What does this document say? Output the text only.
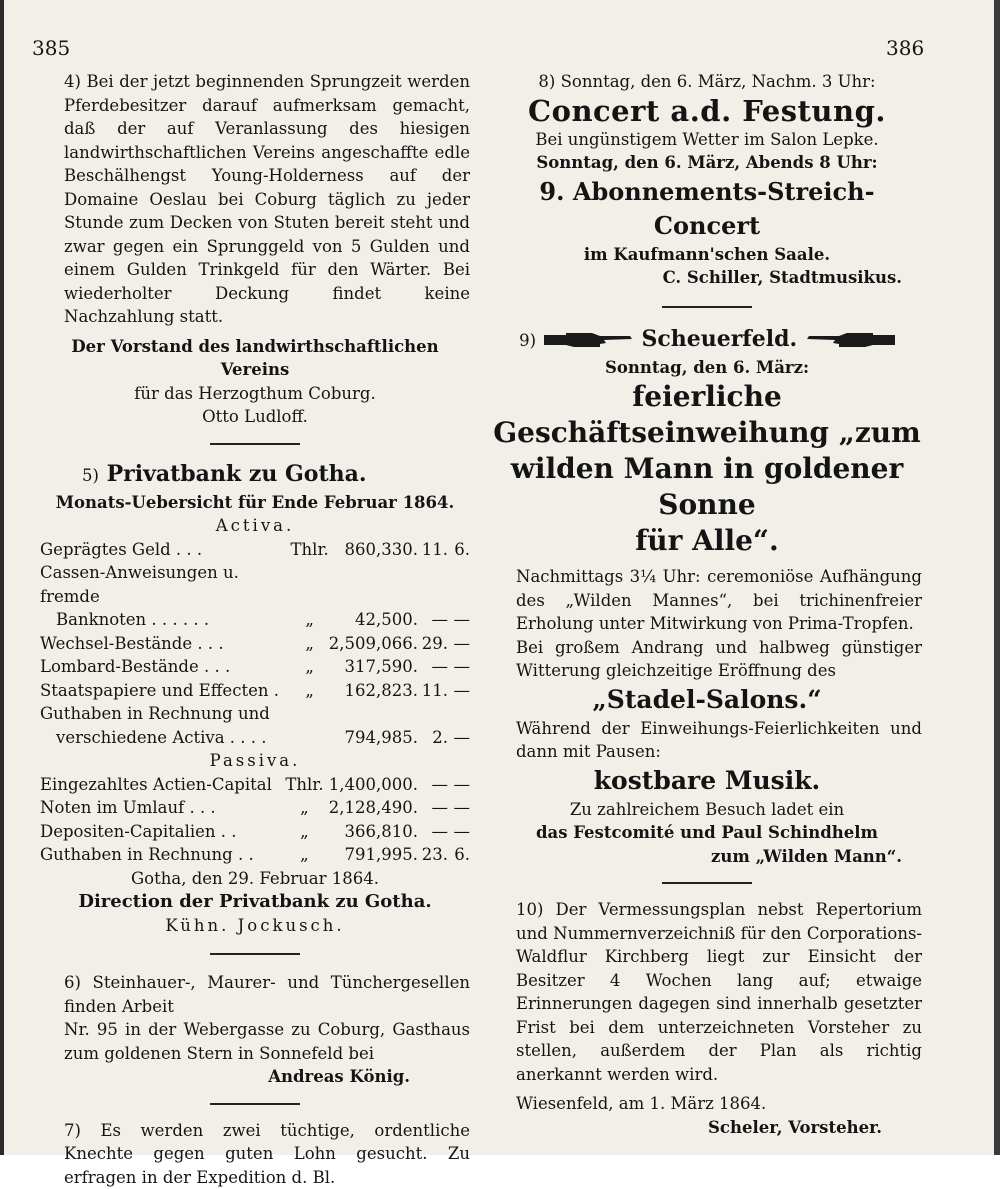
385	386

4) Bei der jetzt beginnenden Sprungzeit werden Pferdebesitzer darauf aufmerksam gemacht, daß der auf Veranlassung des hiesigen landwirthschaftlichen Vereins angeschaffte edle Beschälhengst Young-Holderness auf der Domaine Oeslau bei Coburg täglich zu jeder Stunde zum Decken von Stuten bereit steht und zwar gegen ein Sprunggeld von 5 Gulden und einem Gulden Trinkgeld für den Wärter. Bei wiederholter Deckung findet keine Nachzahlung statt.

Der Vorstand des landwirthschaftlichen Vereins

für das Herzogthum Coburg.

Otto Ludloff.

5) Privatbank zu Gotha.

Monats-Uebersicht für Ende Februar 1864.

Activa.

Geprägtes Geld . . .	Thlr.	860,330.	11.	6.
Cassen-Anweisungen u. fremde				
Banknoten . . . . . .	„	42,500.	—	—
Wechsel-Bestände . . .	„	2,509,066.	29.	—
Lombard-Bestände . . .	„	317,590.	—	—
Staatspapiere und Effecten .	„	162,823.	11.	—
Guthaben in Rechnung und				
verschiedene Activa . . . .		794,985.	2.	—

Passiva.

Eingezahltes Actien-Capital	Thlr.	1,400,000.	—	—
Noten im Umlauf . . .	„	2,128,490.	—	—
Depositen-Capitalien . .	„	366,810.	—	—
Guthaben in Rechnung . .	„	791,995.	23.	6.

Gotha, den 29. Februar 1864.

Direction der Privatbank zu Gotha.

Kühn. Jockusch.

6) Steinhauer-, Maurer- und Tünchergesellen finden Arbeit

Nr. 95 in der Webergasse zu Coburg, Gasthaus zum goldenen Stern in Sonnefeld bei

Andreas König.

7) Es werden zwei tüchtige, ordentliche Knechte gegen guten Lohn gesucht. Zu erfragen in der Expedition d. Bl.

8) Sonntag, den 6. März, Nachm. 3 Uhr:

Concert a.d. Festung.

Bei ungünstigem Wetter im Salon Lepke.

Sonntag, den 6. März, Abends 8 Uhr:

9. Abonnements-Streich-Concert

im Kaufmann'schen Saale.

C. Schiller, Stadtmusikus.

9)	Scheuerfeld.

Sonntag, den 6. März:

feierliche Geschäftseinweihung „zum

wilden Mann in goldener Sonne

für Alle“.

Nachmittags 3¼ Uhr: ceremoniöse Aufhängung des „Wilden Mannes“, bei trichinenfreier Erholung unter Mitwirkung von Prima-Tropfen.

Bei großem Andrang und halbweg günstiger Witterung gleichzeitige Eröffnung des

„Stadel-Salons.“

Während der Einweihungs-Feierlichkeiten und dann mit Pausen:

kostbare Musik.

Zu zahlreichem Besuch ladet ein

das Festcomité und Paul Schindhelm

zum „Wilden Mann“.

10) Der Vermessungsplan nebst Repertorium und Nummernverzeichniß für den Corporations-Waldflur Kirchberg liegt zur Einsicht der Besitzer 4 Wochen lang auf; etwaige Erinnerungen dagegen sind innerhalb gesetzter Frist bei dem unterzeichneten Vorsteher zu stellen, außerdem der Plan als richtig anerkannt werden wird.

Wiesenfeld, am 1. März 1864.

Scheler, Vorsteher.
